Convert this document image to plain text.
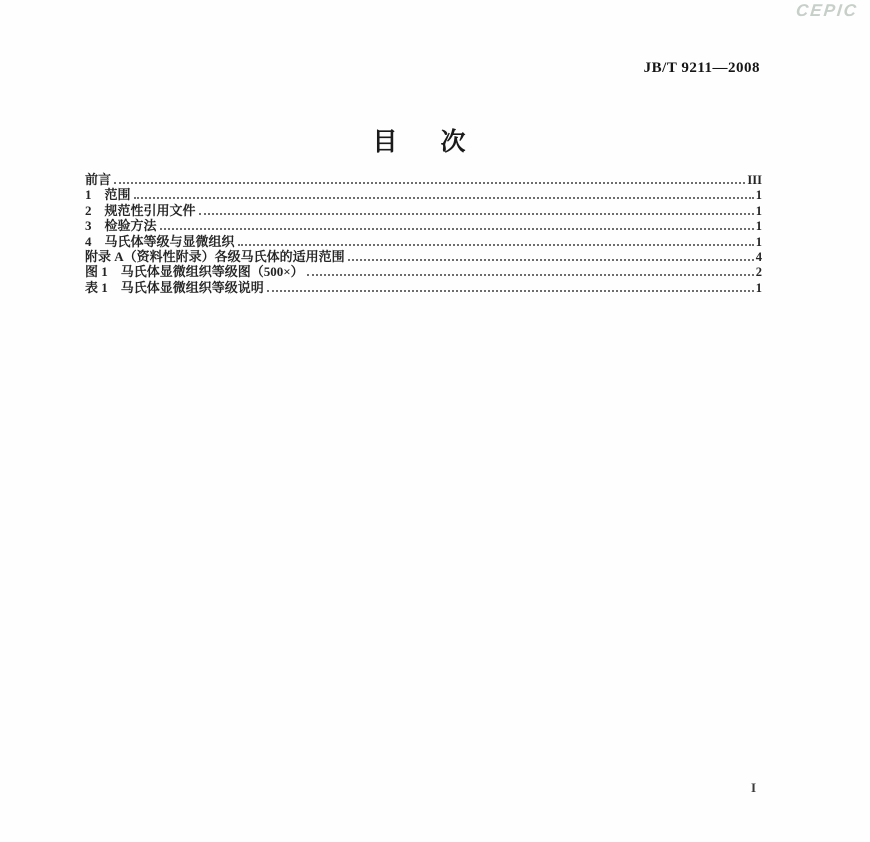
CEPIC
JB/T 9211—2008
目　次
前言	III
1　范围	1
2　规范性引用文件	1
3　检验方法	1
4　马氏体等级与显微组织	1
附录 A（资料性附录）各级马氏体的适用范围	4
图 1　马氏体显微组织等级图（500×）	2
表 1　马氏体显微组织等级说明	1
I
